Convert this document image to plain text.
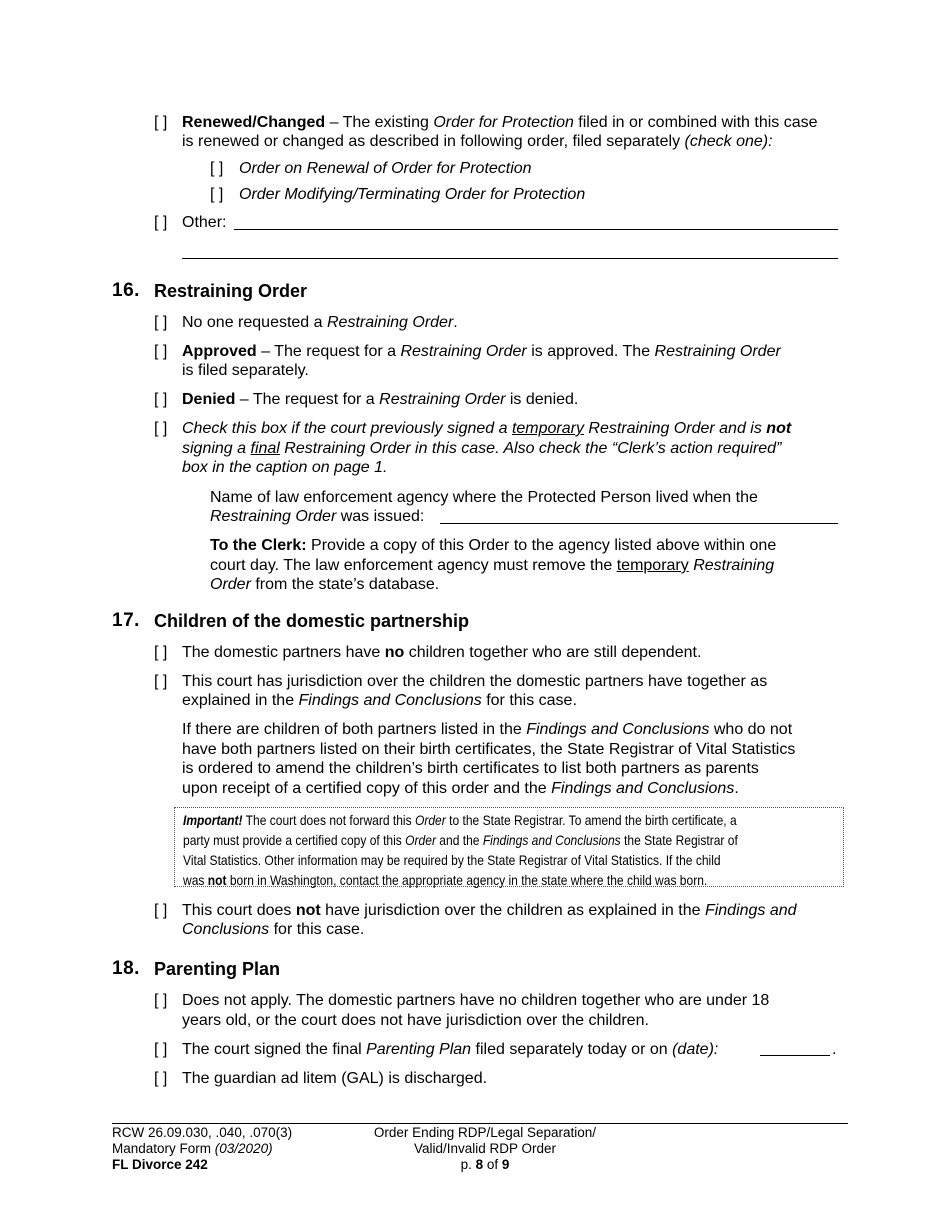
[ ] Renewed/Changed – The existing Order for Protection filed in or combined with this case
is renewed or changed as described in following order, filed separately (check one):
[ ] Order on Renewal of Order for Protection
[ ] Order Modifying/Terminating Order for Protection
[ ] Other:
16. Restraining Order
[ ] No one requested a Restraining Order.
[ ] Approved – The request for a Restraining Order is approved. The Restraining Order
is filed separately.
[ ] Denied – The request for a Restraining Order is denied.
[ ] Check this box if the court previously signed a temporary Restraining Order and is not
signing a final Restraining Order in this case. Also check the “Clerk’s action required”
box in the caption on page 1.
Name of law enforcement agency where the Protected Person lived when the
Restraining Order was issued:
To the Clerk: Provide a copy of this Order to the agency listed above within one
court day. The law enforcement agency must remove the temporary Restraining
Order from the state’s database.
17. Children of the domestic partnership
[ ] The domestic partners have no children together who are still dependent.
[ ] This court has jurisdiction over the children the domestic partners have together as
explained in the Findings and Conclusions for this case.
If there are children of both partners listed in the Findings and Conclusions who do not
have both partners listed on their birth certificates, the State Registrar of Vital Statistics
is ordered to amend the children’s birth certificates to list both partners as parents
upon receipt of a certified copy of this order and the Findings and Conclusions.
Important! The court does not forward this Order to the State Registrar. To amend the birth certificate, a
party must provide a certified copy of this Order and the Findings and Conclusions the State Registrar of
Vital Statistics. Other information may be required by the State Registrar of Vital Statistics. If the child
was not born in Washington, contact the appropriate agency in the state where the child was born.
[ ] This court does not have jurisdiction over the children as explained in the Findings and
Conclusions for this case.
18. Parenting Plan
[ ] Does not apply. The domestic partners have no children together who are under 18
years old, or the court does not have jurisdiction over the children.
[ ] The court signed the final Parenting Plan filed separately today or on (date):	.
[ ] The guardian ad litem (GAL) is discharged.
RCW 26.09.030, .040, .070(3)
Mandatory Form (03/2020)
FL Divorce 242
Order Ending RDP/Legal Separation/
Valid/Invalid RDP Order
p. 8 of 9
